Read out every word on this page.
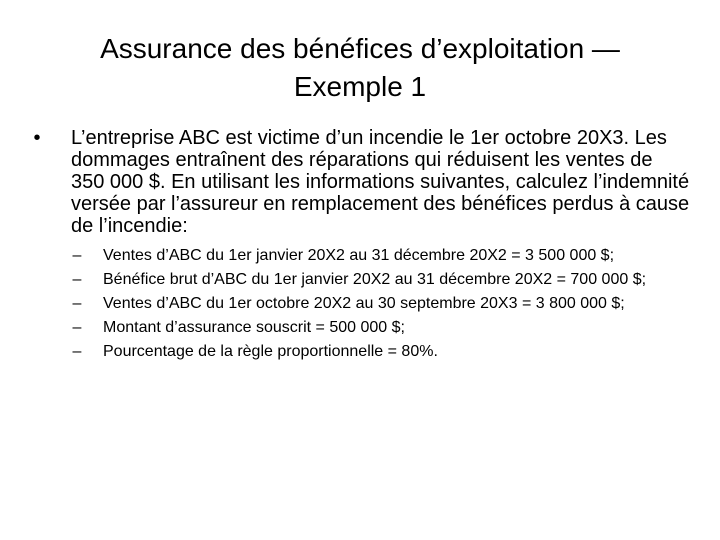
Assurance des bénéfices d’exploitation — Exemple 1

• L’entreprise ABC est victime d’un incendie le 1er octobre 20X3. Les dommages entraînent des réparations qui réduisent les ventes de 350 000 $. En utilisant les informations suivantes, calculez l’indemnité versée par l’assureur en remplacement des bénéfices perdus à cause de l’incendie:

– Ventes d’ABC du 1er janvier 20X2 au 31 décembre 20X2 = 3 500 000 $;
– Bénéfice brut d’ABC du 1er janvier 20X2 au 31 décembre 20X2 = 700 000 $;
– Ventes d’ABC du 1er octobre 20X2 au 30 septembre 20X3 = 3 800 000 $;
– Montant d’assurance souscrit = 500 000 $;
– Pourcentage de la règle proportionnelle = 80%.
